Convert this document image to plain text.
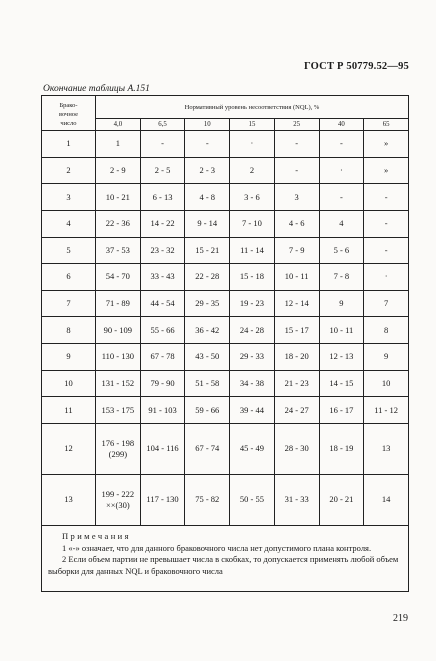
ГОСТ Р 50779.52—95
Окончание таблицы А.151
Брако-
вочное
число	Нормативный уровень несоответствия (NQL), %						
	4,0	6,5	10	15	25	40	65
1	1	-	-	·	-	-	»
2	2 - 9	2 - 5	2 - 3	2	-	·	»
3	10 - 21	6 - 13	4 - 8	3 - 6	3	-	-
4	22 - 36	14 - 22	9 - 14	7 - 10	4 - 6	4	-
5	37 - 53	23 - 32	15 - 21	11 - 14	7 - 9	5 - 6	-
6	54 - 70	33 - 43	22 - 28	15 - 18	10 - 11	7 - 8	·
7	71 - 89	44 - 54	29 - 35	19 - 23	12 - 14	9	7
8	90 - 109	55 - 66	36 - 42	24 - 28	15 - 17	10 - 11	8
9	110 - 130	67 - 78	43 - 50	29 - 33	18 - 20	12 - 13	9
10	131 - 152	79 - 90	51 - 58	34 - 38	21 - 23	14 - 15	10
11	153 - 175	91 - 103	59 - 66	39 - 44	24 - 27	16 - 17	11 - 12
12	176 - 198
(299)	104 - 116	67 - 74	45 - 49	28 - 30	18 - 19	13
13	199 - 222
××(30)	117 - 130	75 - 82	50 - 55	31 - 33	20 - 21	14

Примечания
1 «-» означает, что для данного браковочного числа нет допустимого плана контроля.
2 Если объем партии не превышает числа в скобках, то допускается применять любой объем выборки для данных NQL и браковочного числа							
219
